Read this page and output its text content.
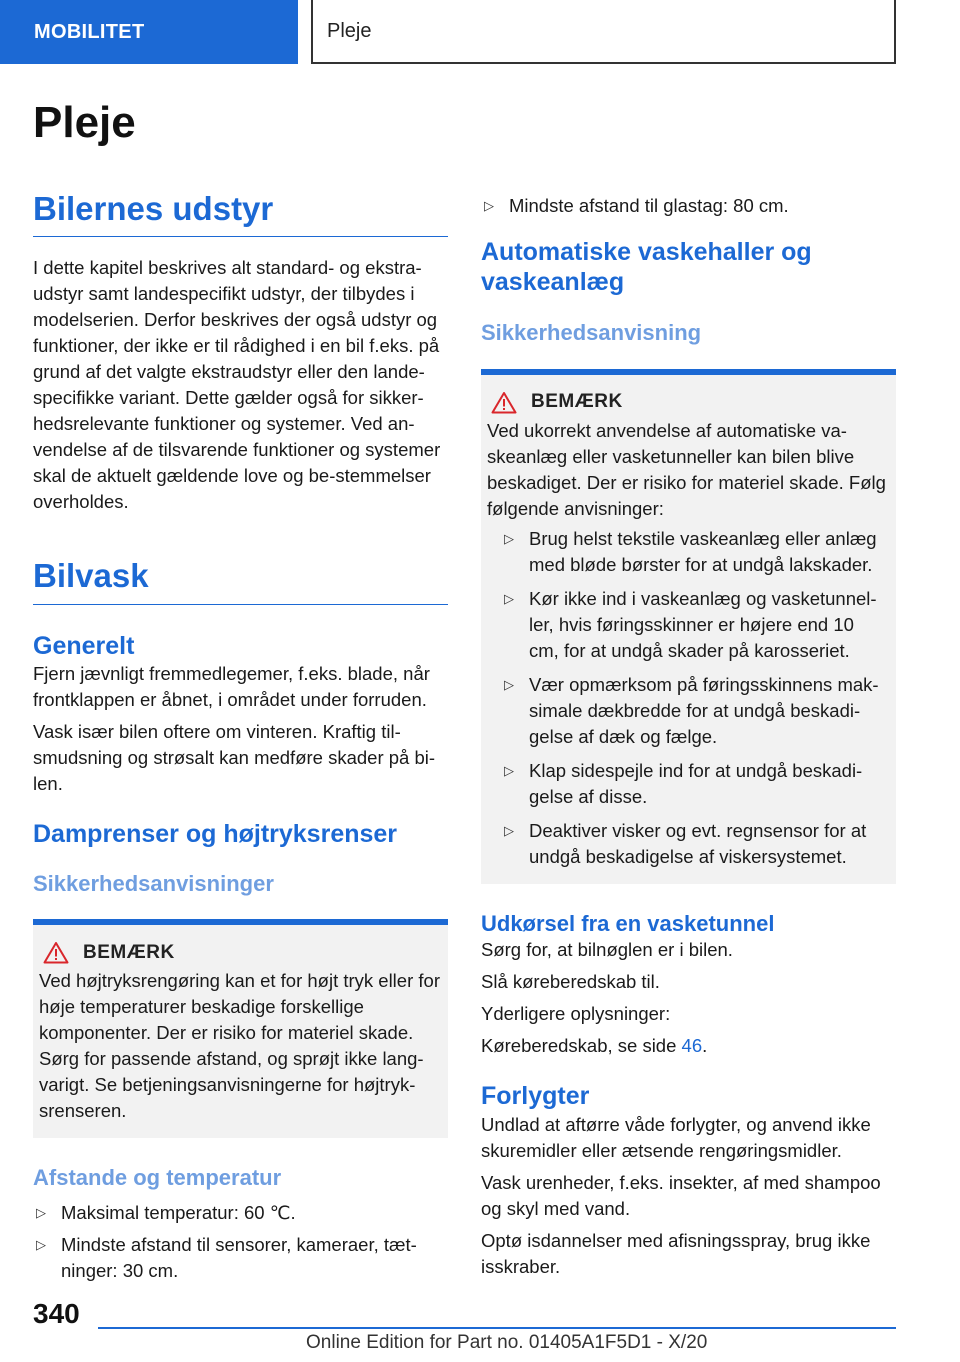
MOBILITET	Pleje
Pleje
Bilernes udstyr

I dette kapitel beskrives alt standard- og ekstra-udstyr samt landespecifikt udstyr, der tilbydes i modelserien. Derfor beskrives der også udstyr og funktioner, der ikke er til rådighed i en bil f.eks. på grund af det valgte ekstraudstyr eller den lande-specifikke variant. Dette gælder også for sikker-hedsrelevante funktioner og systemer. Ved an-vendelse af de tilsvarende funktioner og systemer skal de aktuelt gældende love og be-stemmelser overholdes.

Bilvask
Generelt

Fjern jævnligt fremmedlegemer, f.eks. blade, når frontklappen er åbnet, i området under forruden.

Vask især bilen oftere om vinteren. Kraftig til-smudsning og strøsalt kan medføre skader på bi-len.

Damprenser og højtryksrenser
Sikkerhedsanvisninger
BEMÆRK

Ved højtryksrengøring kan et for højt tryk eller for høje temperaturer beskadige forskellige komponenter. Der er risiko for materiel skade. Sørg for passende afstand, og sprøjt ikke lang-varigt. Se betjeningsanvisningerne for højtryk-srenseren.

Afstande og temperatur
▷ Maksimal temperatur: 60 ℃.
▷ Mindste afstand til sensorer, kameraer, tæt-ninger: 30 cm.
▷ Mindste afstand til glastag: 80 cm.
Automatiske vaskehaller og vaskeanlæg
Sikkerhedsanvisning
BEMÆRK

Ved ukorrekt anvendelse af automatiske va-skeanlæg eller vasketunneller kan bilen blive beskadiget. Der er risiko for materiel skade. Følg følgende anvisninger:

▷ Brug helst tekstile vaskeanlæg eller anlæg med bløde børster for at undgå lakskader.
▷ Kør ikke ind i vaskeanlæg og vasketunnel-ler, hvis føringsskinner er højere end 10 cm, for at undgå skader på karosseriet.
▷ Vær opmærksom på føringsskinnens mak-simale dækbredde for at undgå beskadi-gelse af dæk og fælge.
▷ Klap sidespejle ind for at undgå beskadi-gelse af disse.
▷ Deaktiver visker og evt. regnsensor for at undgå beskadigelse af viskersystemet.
Udkørsel fra en vasketunnel

Sørg for, at bilnøglen er i bilen.

Slå køreberedskab til.

Yderligere oplysninger:

Køreberedskab, se side 46.

Forlygter

Undlad at aftørre våde forlygter, og anvend ikke skuremidler eller ætsende rengøringsmidler.

Vask urenheder, f.eks. insekter, af med shampoo og skyl med vand.

Optø isdannelser med afisningsspray, brug ikke isskraber.

340
Online Edition for Part no. 01405A1F5D1 - X/20
